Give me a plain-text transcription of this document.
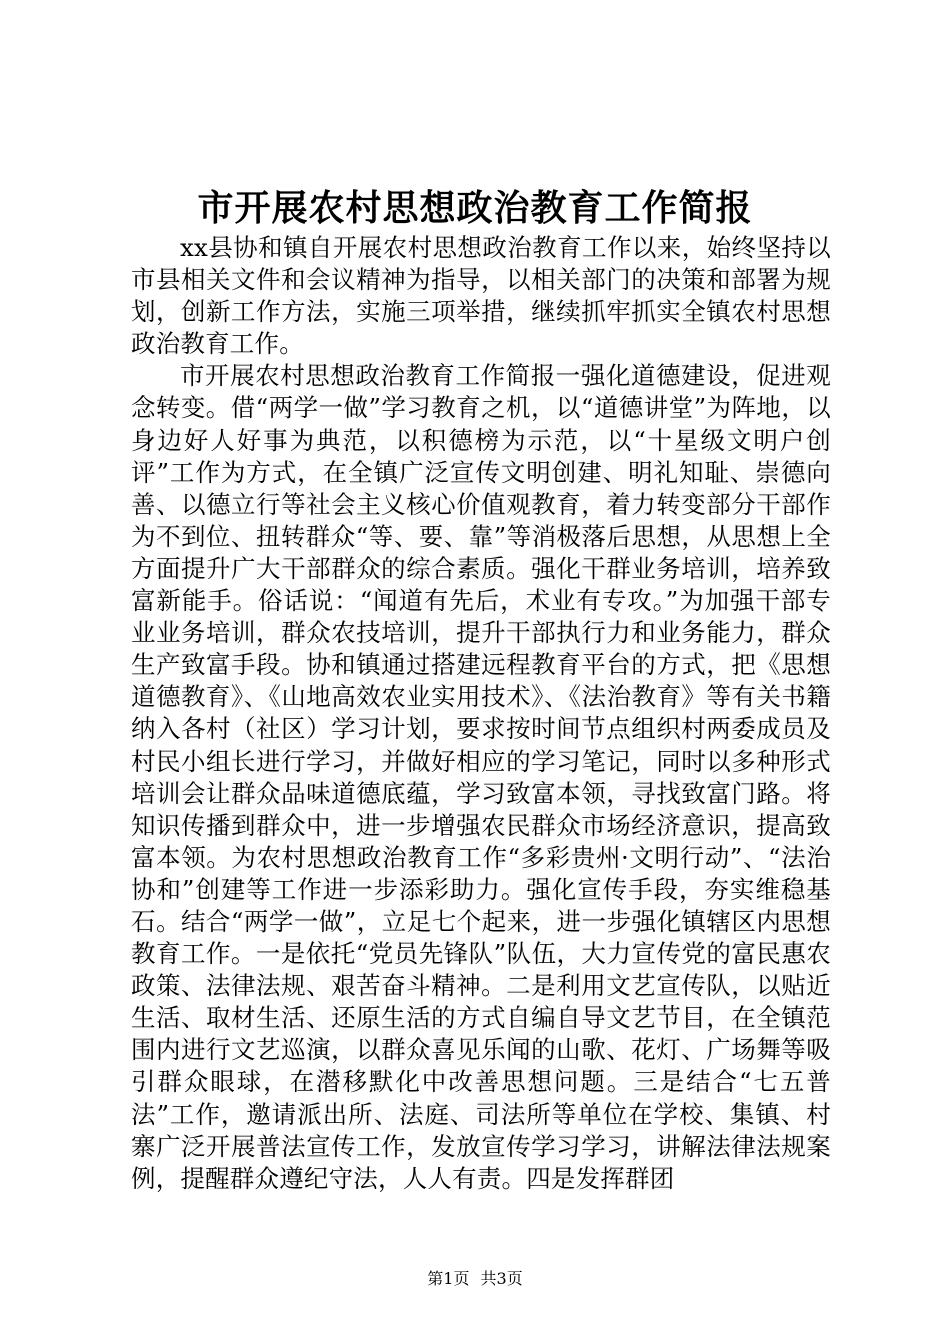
市开展农村思想政治教育工作简报

xx县协和镇自开展农村思想政治教育工作以来，始终坚持以市县相关文件和会议精神为指导，以相关部门的决策和部署为规划，创新工作方法，实施三项举措，继续抓牢抓实全镇农村思想政治教育工作。

市开展农村思想政治教育工作简报一强化道德建设，促进观念转变。借“两学一做”学习教育之机，以“道德讲堂”为阵地，以身边好人好事为典范，以积德榜为示范，以“十星级文明户创评”工作为方式，在全镇广泛宣传文明创建、明礼知耻、崇德向善、以德立行等社会主义核心价值观教育，着力转变部分干部作为不到位、扭转群众“等、要、靠”等消极落后思想，从思想上全方面提升广大干部群众的综合素质。强化干群业务培训，培养致富新能手。俗话说：“闻道有先后，术业有专攻。”为加强干部专业业务培训，群众农技培训，提升干部执行力和业务能力，群众生产致富手段。协和镇通过搭建远程教育平台的方式，把《思想道德教育》、《山地高效农业实用技术》、《法治教育》等有关书籍纳入各村（社区）学习计划，要求按时间节点组织村两委成员及村民小组长进行学习，并做好相应的学习笔记，同时以多种形式培训会让群众品味道德底蕴，学习致富本领，寻找致富门路。将知识传播到群众中，进一步增强农民群众市场经济意识，提高致富本领。为农村思想政治教育工作“多彩贵州·文明行动”、“法治协和”创建等工作进一步添彩助力。强化宣传手段，夯实维稳基石。结合“两学一做”，立足七个起来，进一步强化镇辖区内思想教育工作。一是依托“党员先锋队”队伍，大力宣传党的富民惠农政策、法律法规、艰苦奋斗精神。二是利用文艺宣传队，以贴近生活、取材生活、还原生活的方式自编自导文艺节目，在全镇范围内进行文艺巡演，以群众喜见乐闻的山歌、花灯、广场舞等吸引群众眼球，在潜移默化中改善思想问题。三是结合“七五普法”工作，邀请派出所、法庭、司法所等单位在学校、集镇、村寨广泛开展普法宣传工作，发放宣传学习学习，讲解法律法规案例，提醒群众遵纪守法，人人有责。四是发挥群团

第1页 共3页
